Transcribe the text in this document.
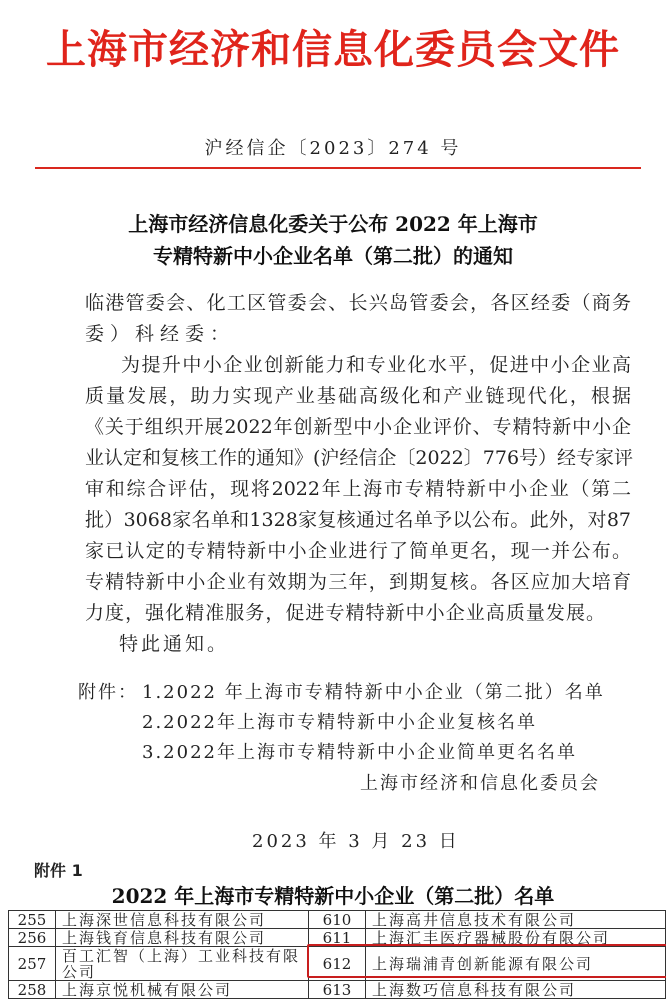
上海市经济和信息化委员会文件
沪经信企〔2023〕274 号
上海市经济信息化委关于公布 2022 年上海市
专精特新中小企业名单（第二批）的通知
临港管委会、化工区管委会、长兴岛管委会，各区经委（商务
委）科经委：
为提升中小企业创新能力和专业化水平，促进中小企业高
质量发展，助力实现产业基础高级化和产业链现代化，根据
《关于组织开展2022年创新型中小企业评价、专精特新中小企
业认定和复核工作的通知》(沪经信企〔2022〕776号）经专家评
审和综合评估，现将2022年上海市专精特新中小企业（第二
批）3068家名单和1328家复核通过名单予以公布。此外，对87
家已认定的专精特新中小企业进行了简单更名，现一并公布。
专精特新中小企业有效期为三年，到期复核。各区应加大培育
力度，强化精准服务，促进专精特新中小企业高质量发展。
特此通知。
附件： 1.2022 年上海市专精特新中小企业（第二批）名单
2.2022年上海市专精特新中小企业复核名单
3.2022年上海市专精特新中小企业简单更名名单
上海市经济和信息化委员会
2023 年 3 月 23 日
附件 1
2022 年上海市专精特新中小企业（第二批）名单
255	上海深世信息科技有限公司	610	上海高井信息技术有限公司
256	上海钱育信息科技有限公司	611	上海汇丰医疗器械股份有限公司
257	百工汇智（上海）工业科技有限公司	612	上海瑞浦青创新能源有限公司
258	上海京悦机械有限公司	613	上海数巧信息科技有限公司
